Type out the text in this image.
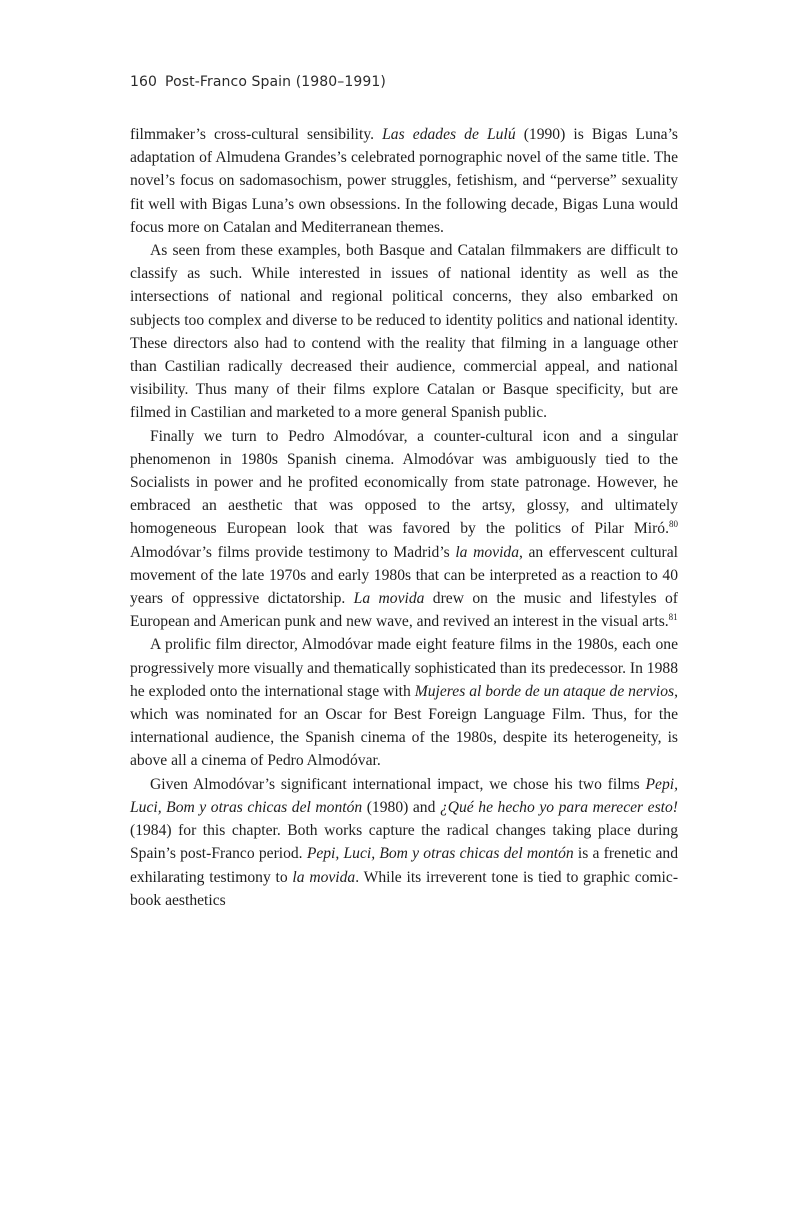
160 Post-Franco Spain (1980–1991)

filmmaker’s cross-cultural sensibility. Las edades de Lulú (1990) is Bigas Luna’s adaptation of Almudena Grandes’s celebrated pornographic novel of the same title. The novel’s focus on sadomasochism, power struggles, fetishism, and “perverse” sexuality fit well with Bigas Luna’s own obsessions. In the following decade, Bigas Luna would focus more on Catalan and Mediterranean themes.

As seen from these examples, both Basque and Catalan filmmakers are difficult to classify as such. While interested in issues of national identity as well as the intersections of national and regional political concerns, they also embarked on subjects too complex and diverse to be reduced to identity politics and national identity. These directors also had to contend with the reality that filming in a language other than Castilian radically decreased their audience, commercial appeal, and national visibility. Thus many of their films explore Catalan or Basque specificity, but are filmed in Castilian and marketed to a more general Spanish public.

Finally we turn to Pedro Almodóvar, a counter-cultural icon and a singular phenomenon in 1980s Spanish cinema. Almodóvar was ambiguously tied to the Socialists in power and he profited economically from state patronage. However, he embraced an aesthetic that was opposed to the artsy, glossy, and ultimately homogeneous European look that was favored by the politics of Pilar Miró.$^{80}$ Almodóvar’s films provide testimony to Madrid’s la movida, an effervescent cultural movement of the late 1970s and early 1980s that can be interpreted as a reaction to 40 years of oppressive dictatorship. La movida drew on the music and lifestyles of European and American punk and new wave, and revived an interest in the visual arts.$^{81}$

A prolific film director, Almodóvar made eight feature films in the 1980s, each one progressively more visually and thematically sophisticated than its predecessor. In 1988 he exploded onto the international stage with Mujeres al borde de un ataque de nervios, which was nominated for an Oscar for Best Foreign Language Film. Thus, for the international audience, the Spanish cinema of the 1980s, despite its heterogeneity, is above all a cinema of Pedro Almodóvar.

Given Almodóvar’s significant international impact, we chose his two films Pepi, Luci, Bom y otras chicas del montón (1980) and ¿Qué he hecho yo para merecer esto! (1984) for this chapter. Both works capture the radical changes taking place during Spain’s post-Franco period. Pepi, Luci, Bom y otras chicas del montón is a frenetic and exhilarating testimony to la movida. While its irreverent tone is tied to graphic comic-book aesthetics
